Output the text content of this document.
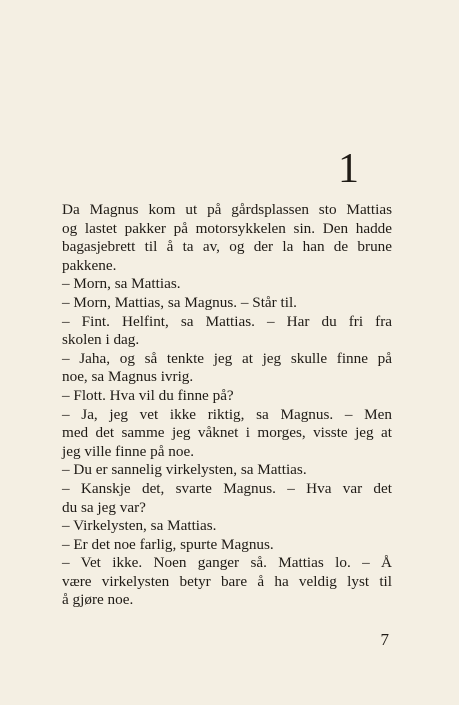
1
Da Magnus kom ut på gårdsplassen sto Mattias
og lastet pakker på motorsykkelen sin. Den hadde
bagasjebrett til å ta av, og der la han de brune
pakkene.
– Morn, sa Mattias.
– Morn, Mattias, sa Magnus. – Står til.
– Fint. Helfint, sa Mattias. – Har du fri fra
skolen i dag.
– Jaha, og så tenkte jeg at jeg skulle finne på
noe, sa Magnus ivrig.
– Flott. Hva vil du finne på?
– Ja, jeg vet ikke riktig, sa Magnus. – Men
med det samme jeg våknet i morges, visste jeg at
jeg ville finne på noe.
– Du er sannelig virkelysten, sa Mattias.
– Kanskje det, svarte Magnus. – Hva var det
du sa jeg var?
– Virkelysten, sa Mattias.
– Er det noe farlig, spurte Magnus.
– Vet ikke. Noen ganger så. Mattias lo. – Å
være virkelysten betyr bare å ha veldig lyst til
å gjøre noe.
7
